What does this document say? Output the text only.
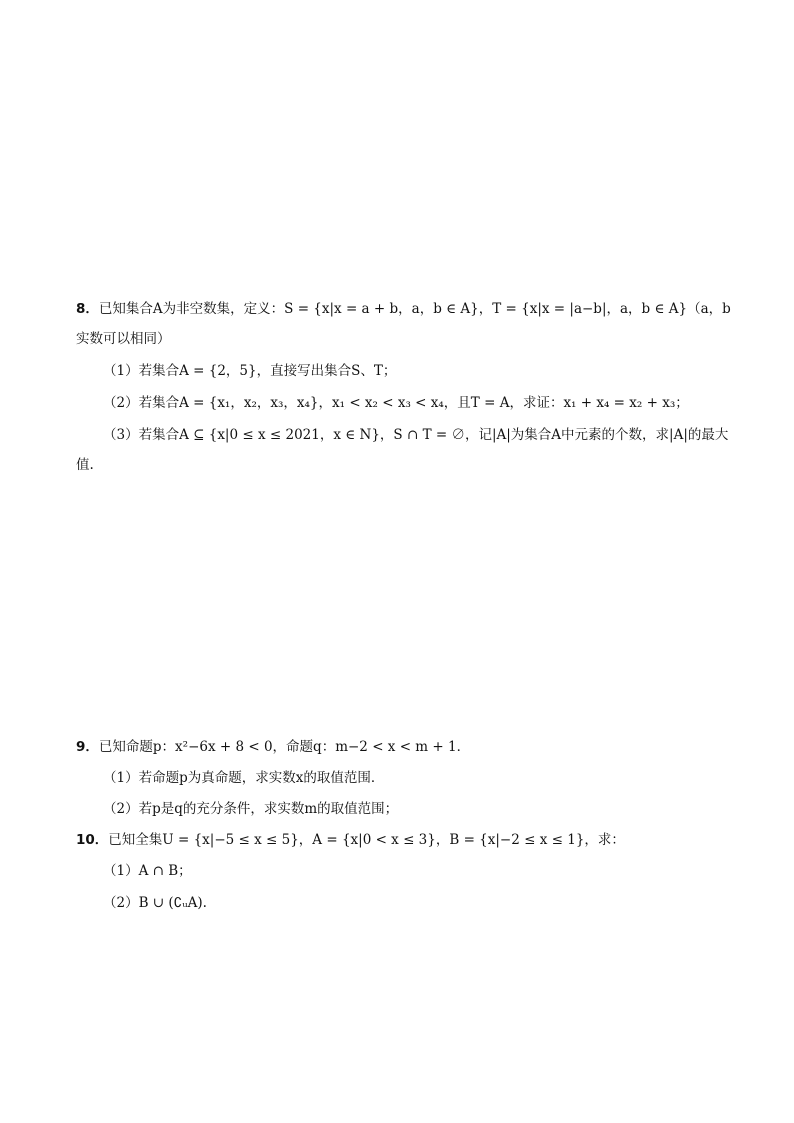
8．已知集合A为非空数集，定义：S = {x|x = a + b，a，b ∈ A}，T = {x|x = |a−b|，a，b ∈ A}（a，b
实数可以相同）
（1）若集合A = {2，5}，直接写出集合S、T；
（2）若集合A = {x₁，x₂，x₃，x₄}，x₁ < x₂ < x₃ < x₄，且T = A，求证：x₁ + x₄ = x₂ + x₃；
（3）若集合A ⊆ {x|0 ≤ x ≤ 2021，x ∈ N}，S ∩ T = ∅，记|A|为集合A中元素的个数，求|A|的最大
值.
9．已知命题p：x²−6x + 8 < 0，命题q：m−2 < x < m + 1．
（1）若命题p为真命题，求实数x的取值范围．
（2）若p是q的充分条件，求实数m的取值范围；
10．已知全集U = {x|−5 ≤ x ≤ 5}，A = {x|0 < x ≤ 3}，B = {x|−2 ≤ x ≤ 1}，求：
（1）A ∩ B；
（2）B ∪ (∁ᵤA).
